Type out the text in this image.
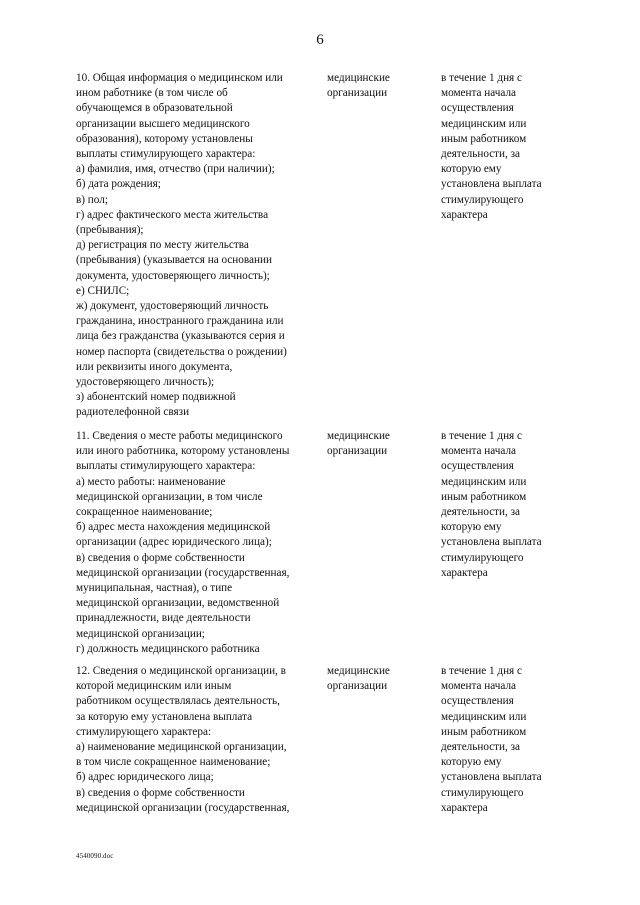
6
10. Общая информация о медицинском или
ином работнике (в том числе об
обучающемся в образовательной
организации высшего медицинского
образования), которому установлены
выплаты стимулирующего характера:
а) фамилия, имя, отчество (при наличии);
б) дата рождения;
в) пол;
г) адрес фактического места жительства
(пребывания);
д) регистрация по месту жительства
(пребывания) (указывается на основании
документа, удостоверяющего личность);
е) СНИЛС;
ж) документ, удостоверяющий личность
гражданина, иностранного гражданина или
лица без гражданства (указываются серия и
номер паспорта (свидетельства о рождении)
или реквизиты иного документа,
удостоверяющего личность);
з) абонентский номер подвижной
радиотелефонной связи
медицинские
организации
в течение 1 дня с
момента начала
осуществления
медицинским или
иным работником
деятельности, за
которую ему
установлена выплата
стимулирующего
характера
11. Сведения о месте работы медицинского
или иного работника, которому установлены
выплаты стимулирующего характера:
а) место работы: наименование
медицинской организации, в том числе
сокращенное наименование;
б) адрес места нахождения медицинской
организации (адрес юридического лица);
в) сведения о форме собственности
медицинской организации (государственная,
муниципальная, частная), о типе
медицинской организации, ведомственной
принадлежности, виде деятельности
медицинской организации;
г) должность медицинского работника
медицинские
организации
в течение 1 дня с
момента начала
осуществления
медицинским или
иным работником
деятельности, за
которую ему
установлена выплата
стимулирующего
характера
12. Сведения о медицинской организации, в
которой медицинским или иным
работником осуществлялась деятельность,
за которую ему установлена выплата
стимулирующего характера:
а) наименование медицинской организации,
в том числе сокращенное наименование;
б) адрес юридического лица;
в) сведения о форме собственности
медицинской организации (государственная,
медицинские
организации
в течение 1 дня с
момента начала
осуществления
медицинским или
иным работником
деятельности, за
которую ему
установлена выплата
стимулирующего
характера
4540090.doc
